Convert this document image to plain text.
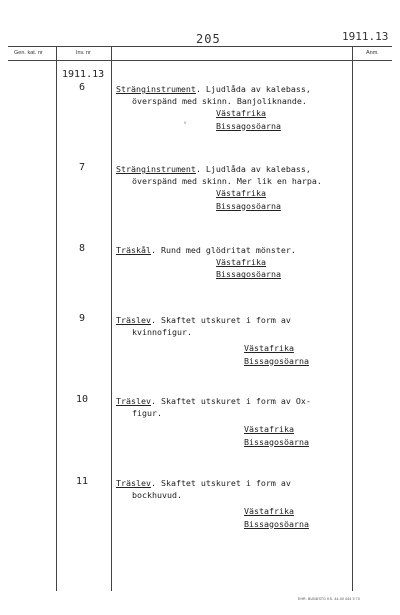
205	1911.13
Gen. kat. nr	Inv. nr	Anm.
1911.13
6	Stränginstrument. Ljudlåda av kalebass,
överspänd med skinn. Banjoliknande.
Västafrika
Bissagosöarna
ᵥ
7	Stränginstrument. Ljudlåda av kalebass,
överspänd med skinn. Mer lik en harpa.
Västafrika
Bissagosöarna
8	Träskål. Rund med glödritat mönster.
Västafrika
Bissagosöarna
9	Träslev. Skaftet utskuret i form av
kvinnofigur.
Västafrika
Bissagosöarna
10	Träslev. Skaftet utskuret i form av Ox-
figur.
Västafrika
Bissagosöarna
11	Träslev. Skaftet utskuret i form av
bockhuvud.
Västafrika
Bissagosöarna
EHR. BUNDSTG KS. 44-00 444 9 70
